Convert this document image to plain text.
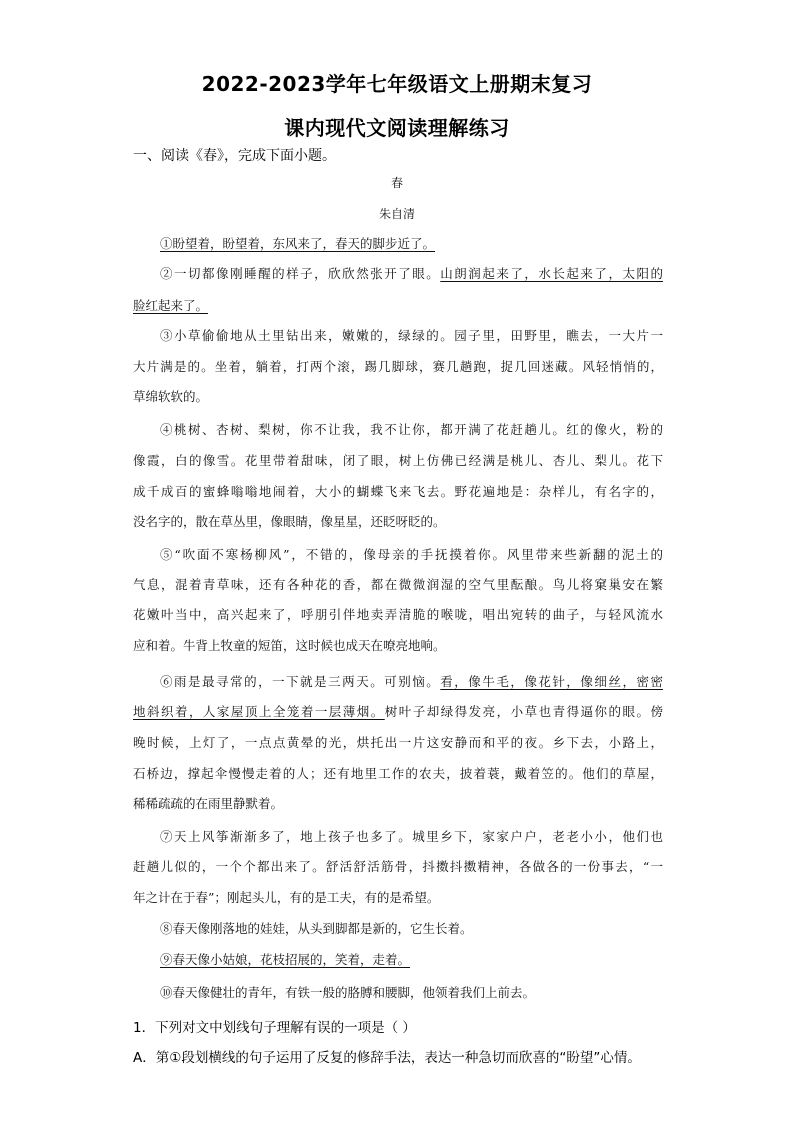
2022-2023学年七年级语文上册期末复习
课内现代文阅读理解练习
一、阅读《春》，完成下面小题。
春
朱自清
①盼望着，盼望着，东风来了，春天的脚步近了。
②一切都像刚睡醒的样子，欣欣然张开了眼。山朗润起来了，水长起来了，太阳的
脸红起来了。
③小草偷偷地从土里钻出来，嫩嫩的，绿绿的。园子里，田野里，瞧去，一大片一
大片满是的。坐着，躺着，打两个滚，踢几脚球，赛几趟跑，捉几回迷藏。风轻悄悄的，
草绵软软的。
④桃树、杏树、梨树，你不让我，我不让你，都开满了花赶趟儿。红的像火，粉的
像霞，白的像雪。花里带着甜味，闭了眼，树上仿佛已经满是桃儿、杏儿、梨儿。花下
成千成百的蜜蜂嗡嗡地闹着，大小的蝴蝶飞来飞去。野花遍地是：杂样儿，有名字的，
没名字的，散在草丛里，像眼睛，像星星，还眨呀眨的。
⑤“吹面不寒杨柳风”，不错的，像母亲的手抚摸着你。风里带来些新翻的泥土的
气息，混着青草味，还有各种花的香，都在微微润湿的空气里酝酿。鸟儿将窠巢安在繁
花嫩叶当中，高兴起来了，呼朋引伴地卖弄清脆的喉咙，唱出宛转的曲子，与轻风流水
应和着。牛背上牧童的短笛，这时候也成天在嘹亮地响。
⑥雨是最寻常的，一下就是三两天。可别恼。看，像牛毛，像花针，像细丝，密密
地斜织着，人家屋顶上全笼着一层薄烟。树叶子却绿得发亮，小草也青得逼你的眼。傍
晚时候，上灯了，一点点黄晕的光，烘托出一片这安静而和平的夜。乡下去，小路上，
石桥边，撑起伞慢慢走着的人；还有地里工作的农夫，披着蓑，戴着笠的。他们的草屋，
稀稀疏疏的在雨里静默着。
⑦天上风筝渐渐多了，地上孩子也多了。城里乡下，家家户户，老老小小，他们也
赶趟儿似的，一个个都出来了。舒活舒活筋骨，抖擞抖擞精神，各做各的一份事去，“一
年之计在于春”；刚起头儿，有的是工夫，有的是希望。
⑧春天像刚落地的娃娃，从头到脚都是新的，它生长着。
⑨春天像小姑娘，花枝招展的，笑着，走着。
⑩春天像健壮的青年，有铁一般的胳膊和腰脚，他领着我们上前去。
1．下列对文中划线句子理解有误的一项是（ ）
A．第①段划横线的句子运用了反复的修辞手法，表达一种急切而欣喜的“盼望”心情。
